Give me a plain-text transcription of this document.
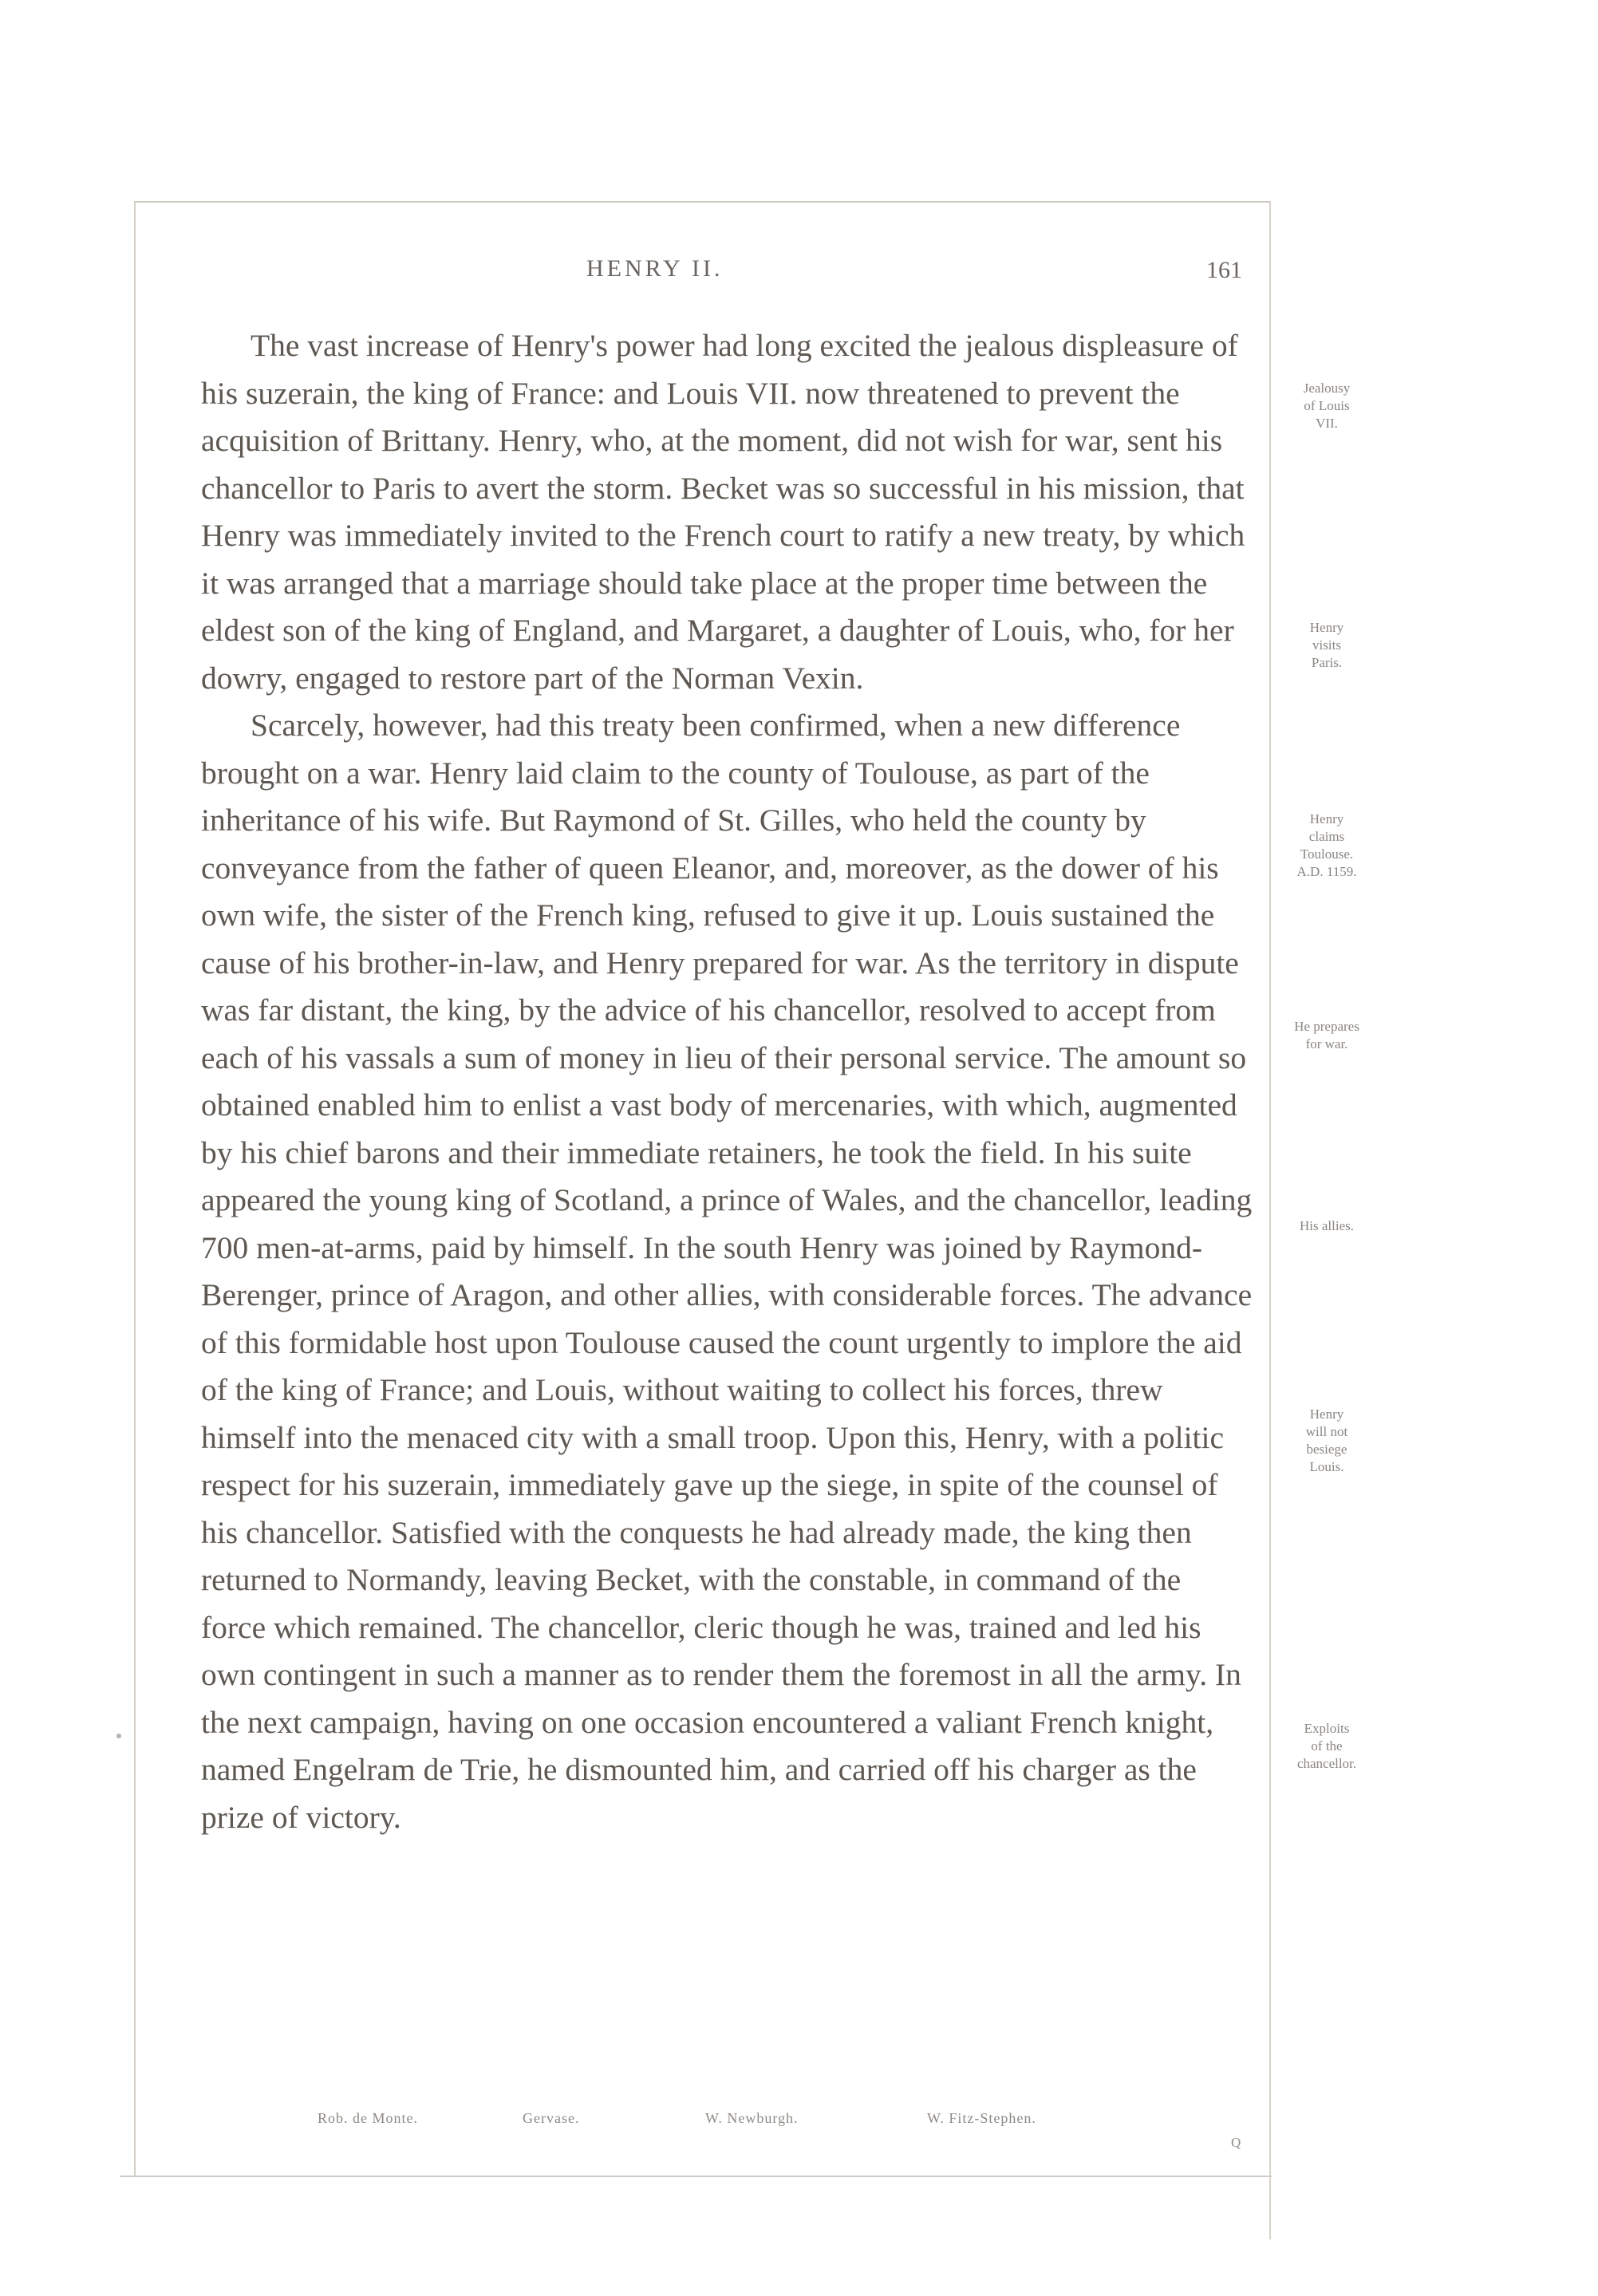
HENRY II.	161

The vast increase of Henry's power had long excited the jealous displeasure of his suzerain, the king of France: and Louis VII. now threatened to prevent the acquisition of Brittany. Henry, who, at the moment, did not wish for war, sent his chancellor to Paris to avert the storm. Becket was so successful in his mission, that Henry was immediately invited to the French court to ratify a new treaty, by which it was arranged that a marriage should take place at the proper time between the eldest son of the king of England, and Margaret, a daughter of Louis, who, for her dowry, engaged to restore part of the Norman Vexin.

Scarcely, however, had this treaty been confirmed, when a new difference brought on a war. Henry laid claim to the county of Toulouse, as part of the inheritance of his wife. But Raymond of St. Gilles, who held the county by conveyance from the father of queen Eleanor, and, moreover, as the dower of his own wife, the sister of the French king, refused to give it up. Louis sustained the cause of his brother-in-law, and Henry prepared for war. As the territory in dispute was far distant, the king, by the advice of his chancellor, resolved to accept from each of his vassals a sum of money in lieu of their personal service. The amount so obtained enabled him to enlist a vast body of mercenaries, with which, augmented by his chief barons and their immediate retainers, he took the field. In his suite appeared the young king of Scotland, a prince of Wales, and the chancellor, leading 700 men-at-arms, paid by himself. In the south Henry was joined by Raymond-Berenger, prince of Aragon, and other allies, with considerable forces. The advance of this formidable host upon Toulouse caused the count urgently to implore the aid of the king of France; and Louis, without waiting to collect his forces, threw himself into the menaced city with a small troop. Upon this, Henry, with a politic respect for his suzerain, immediately gave up the siege, in spite of the counsel of his chancellor. Satisfied with the conquests he had already made, the king then returned to Normandy, leaving Becket, with the constable, in command of the force which remained. The chancellor, cleric though he was, trained and led his own contingent in such a manner as to render them the foremost in all the army. In the next campaign, having on one occasion encountered a valiant French knight, named Engelram de Trie, he dismounted him, and carried off his charger as the prize of victory.

Jealousy
of Louis
VII.
Henry
visits
Paris.
Henry
claims
Toulouse.
A.D. 1159.
He prepares
for war.
His allies.
Henry
will not
besiege
Louis.
Exploits
of the
chancellor.
Rob. de Monte.	Gervase.	W. Newburgh.	W. Fitz-Stephen.
Q
